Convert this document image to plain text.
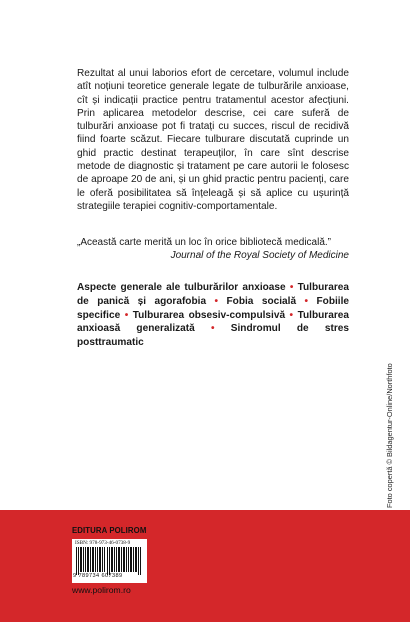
Rezultat al unui laborios efort de cercetare, volumul include atît noțiuni teoretice generale legate de tulburările anxioase, cît și indicații practice pentru tratamentul acestor afecțiuni. Prin aplicarea metodelor descrise, cei care suferă de tulburări anxioase pot fi tratați cu succes, riscul de recidivă fiind foarte scăzut. Fiecare tulburare discutată cuprinde un ghid practic destinat terapeuților, în care sînt descrise metode de diagnostic și tratament pe care autorii le folosesc de aproape 20 de ani, și un ghid practic pentru pacienți, care le oferă posibilitatea să înțeleagă și să aplice cu ușurință strategiile terapiei cognitiv-comportamentale.

„Această carte merită un loc în orice bibliotecă medicală.”
Journal of the Royal Society of Medicine

Aspecte generale ale tulburărilor anxioase • Tulburarea de panică și agorafobia • Fobia socială • Fobiile specifice • Tulburarea obsesiv-compulsivă • Tulburarea anxioasă generalizată • Sindromul de stres posttraumatic

Foto copertă © Bildagentur-Online/Northfoto
EDITURA POLIROM
ISBN: 978-973-46-0738-9
9 789734 607389
www.polirom.ro
